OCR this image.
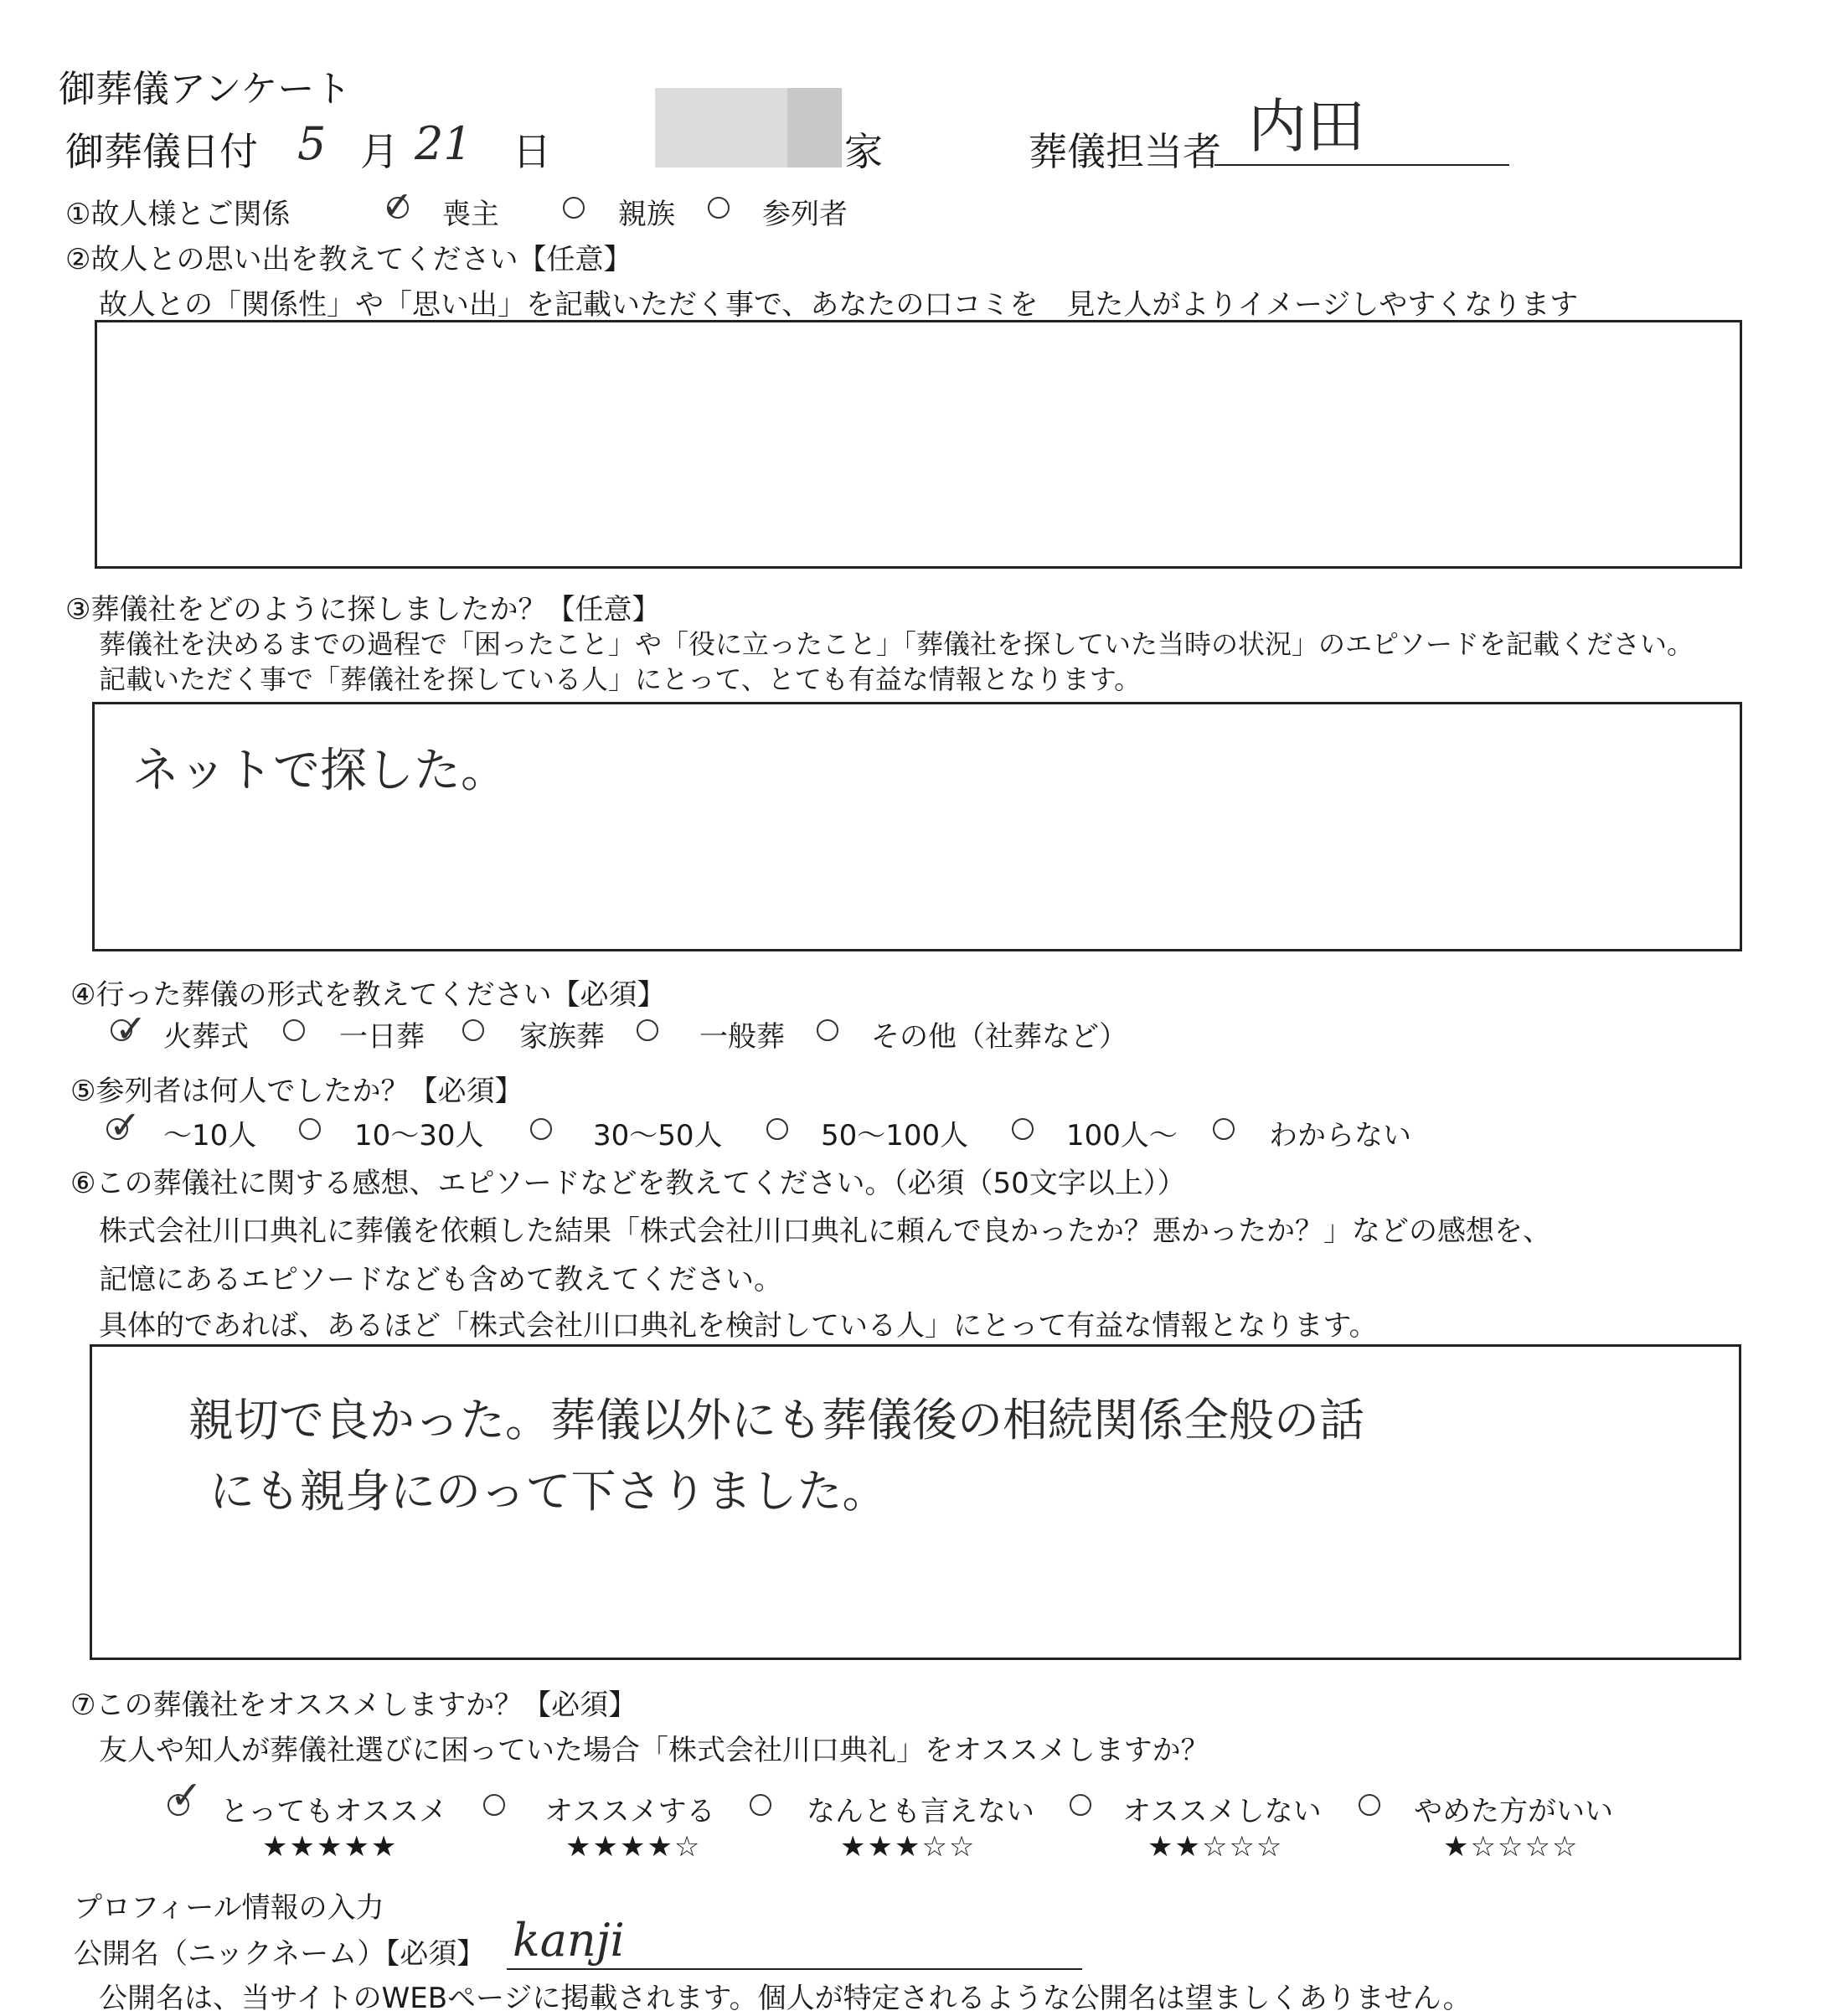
御葬儀アンケート
御葬儀日付 5 月 21 日	家	葬儀担当者 内田
①故人様とご関係 ✓ 喪主	親族	参列者
②故人との思い出を教えてください【任意】
故人との「関係性」や「思い出」を記載いただく事で、あなたの口コミを　見た人がよりイメージしやすくなります
③葬儀社をどのように探しましたか？【任意】
葬儀社を決めるまでの過程で「困ったこと」や「役に立ったこと」「葬儀社を探していた当時の状況」のエピソードを記載ください。
記載いただく事で「葬儀社を探している人」にとって、とても有益な情報となります。
ネットで探した。
④行った葬儀の形式を教えてください【必須】
✓ 火葬式	一日葬	家族葬	一般葬	その他（社葬など）
⑤参列者は何人でしたか？【必須】
✓ ～10人	10～30人	30～50人	50～100人	100人～	わからない
⑥この葬儀社に関する感想、エピソードなどを教えてください。（必須（50文字以上））
株式会社川口典礼に葬儀を依頼した結果「株式会社川口典礼に頼んで良かったか？悪かったか？」などの感想を、
記憶にあるエピソードなども含めて教えてください。
具体的であれば、あるほど「株式会社川口典礼を検討している人」にとって有益な情報となります。
親切で良かった。葬儀以外にも葬儀後の相続関係全般の話
にも親身にのって下さりました。
⑦この葬儀社をオススメしますか？【必須】
友人や知人が葬儀社選びに困っていた場合「株式会社川口典礼」をオススメしますか？
✓ とってもオススメ
★★★★★
オススメする
★★★★☆
なんとも言えない
★★★☆☆
オススメしない
★★☆☆☆
やめた方がいい
★☆☆☆☆
プロフィール情報の入力
公開名（ニックネーム）【必須】 kanji
公開名は、当サイトのWEBページに掲載されます。個人が特定されるような公開名は望ましくありません。
